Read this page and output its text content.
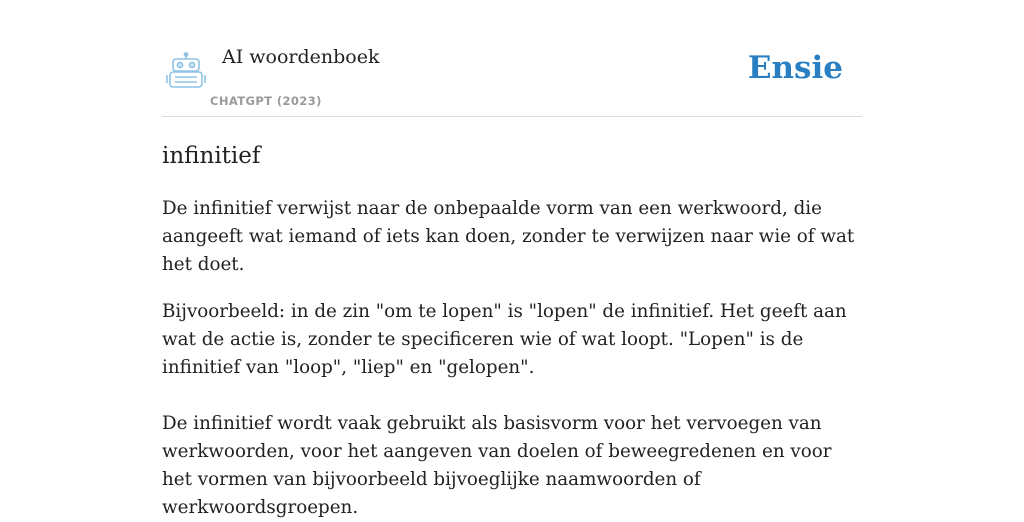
AI woordenboek
CHATGPT (2023)
Ensie
infinitief

De infinitief verwijst naar de onbepaalde vorm van een werkwoord, die aangeeft wat iemand of iets kan doen, zonder te verwijzen naar wie of wat het doet.

Bijvoorbeeld: in de zin "om te lopen" is "lopen" de infinitief. Het geeft aan wat de actie is, zonder te specificeren wie of wat loopt. "Lopen" is de infinitief van "loop", "liep" en "gelopen".

De infinitief wordt vaak gebruikt als basisvorm voor het vervoegen van werkwoorden, voor het aangeven van doelen of beweegredenen en voor het vormen van bijvoorbeeld bijvoeglijke naamwoorden of werkwoordsgroepen.
